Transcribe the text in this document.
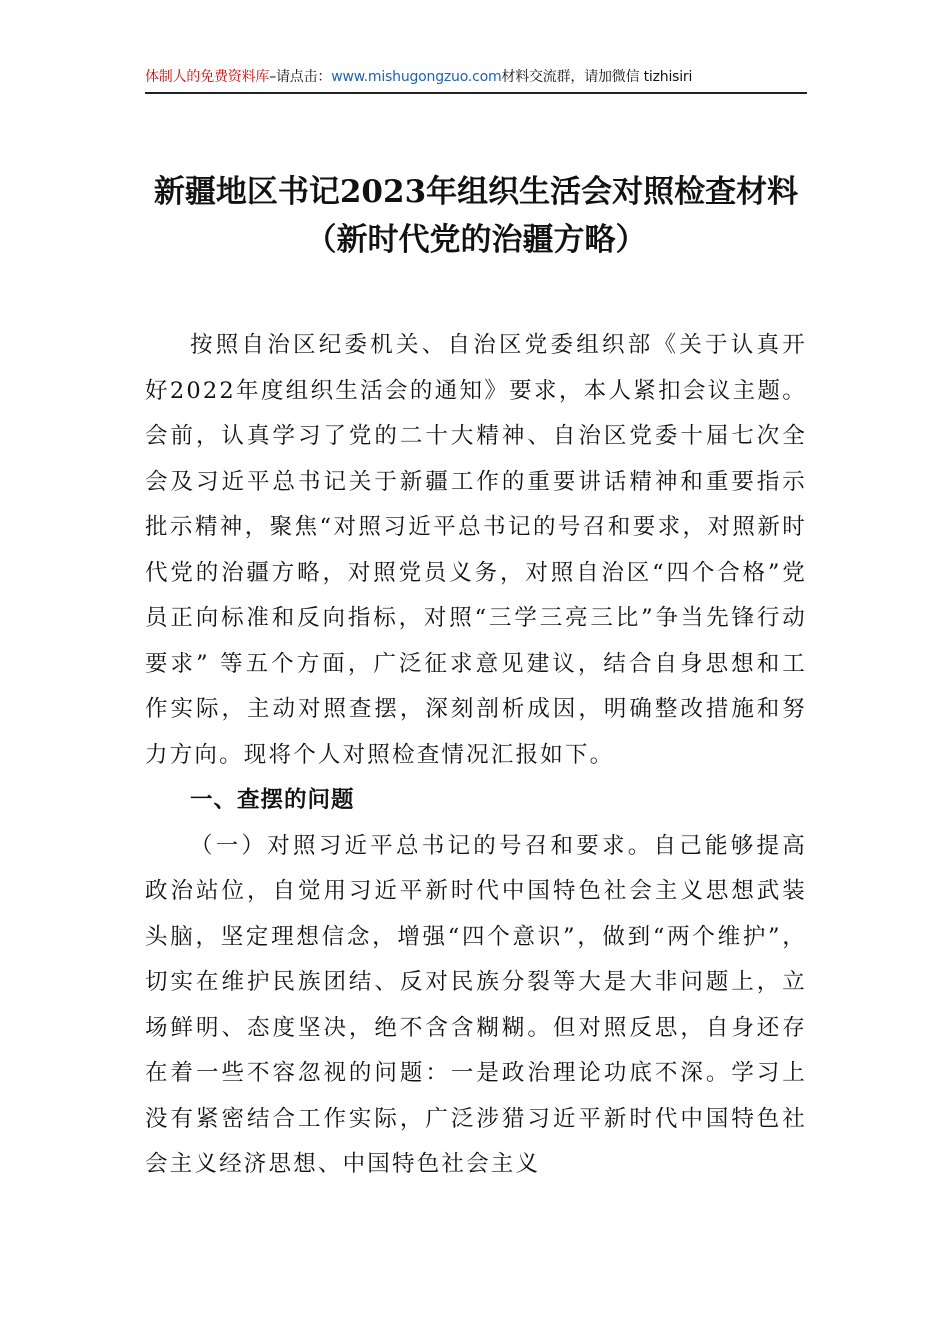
体制人的免费资料库–请点击：www.mishugongzuo.com材料交流群，请加微信 tizhisiri
新疆地区书记2023年组织生活会对照检查材料（新时代党的治疆方略）

按照自治区纪委机关、自治区党委组织部《关于认真开好2022年度组织生活会的通知》要求，本人紧扣会议主题。会前，认真学习了党的二十大精神、自治区党委十届七次全会及习近平总书记关于新疆工作的重要讲话精神和重要指示批示精神，聚焦“对照习近平总书记的号召和要求，对照新时代党的治疆方略，对照党员义务，对照自治区“四个合格”党员正向标准和反向指标，对照“三学三亮三比”争当先锋行动要求” 等五个方面，广泛征求意见建议，结合自身思想和工作实际，主动对照查摆，深刻剖析成因，明确整改措施和努力方向。现将个人对照检查情况汇报如下。

一、查摆的问题

（一）对照习近平总书记的号召和要求。自己能够提高政治站位，自觉用习近平新时代中国特色社会主义思想武装头脑，坚定理想信念，增强“四个意识”，做到“两个维护”，切实在维护民族团结、反对民族分裂等大是大非问题上，立场鲜明、态度坚决，绝不含含糊糊。但对照反思，自身还存在着一些不容忽视的问题：一是政治理论功底不深。学习上没有紧密结合工作实际，广泛涉猎习近平新时代中国特色社会主义经济思想、中国特色社会主义
